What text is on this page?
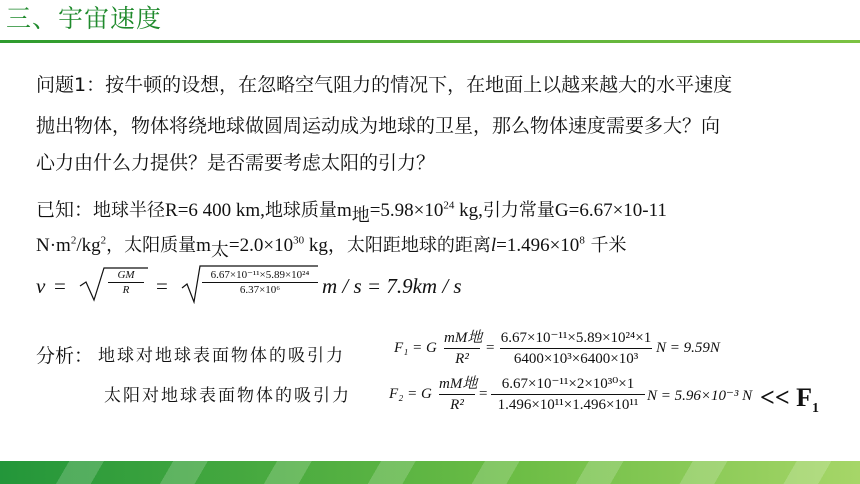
三、宇宙速度
问题1：按牛顿的设想，在忽略空气阻力的情况下，在地面上以越来越大的水平速度
抛出物体，物体将绕地球做圆周运动成为地球的卫星，那么物体速度需要多大？向
心力由什么力提供？是否需要考虑太阳的引力？
已知：地球半径R=6 400 km,地球质量$m_地=5.98\times 10^{24}$ kg,引力常量G=6.67×10-11
$N\cdot m^2/kg^2$，太阳质量$m_太=2.0\times 10^{30}$ kg，太阳距地球的距离$l=1.496\times 10^8$ 千米
v =	GM
R	=	6.67×10⁻¹¹×5.89×10²⁴
6.37×10⁶	m / s = 7.9km / s
分析： 地球对地球表面物体的吸引力
太阳对地球表面物体的吸引力
F₁ = G
mM地
R²
= $\frac{\text{6.67×10⁻¹¹×5.89×10²⁴×1}}{\text{6400×10³×6400×10³}}$ N = 9.59N
F₂ = G
mM地
R²
= $\frac{\text{6.67×10⁻¹¹×2×10³⁰×1}}{\text{1.496×10¹¹×1.496×10¹¹}}$ N = 5.96×10⁻³ $N << F_1$
